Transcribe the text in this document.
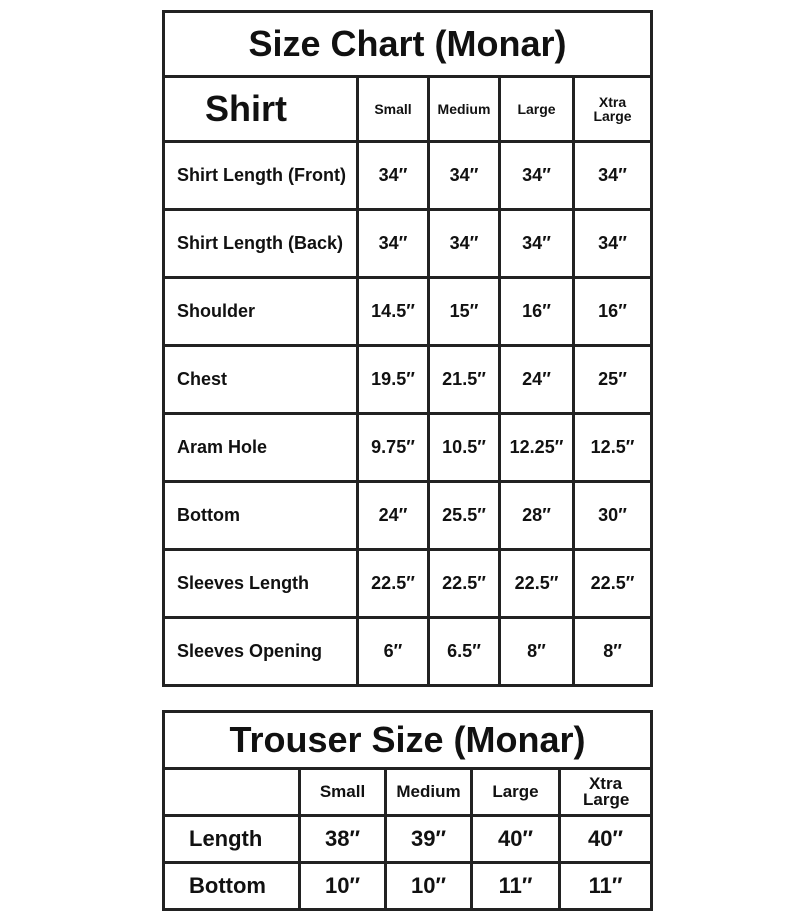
Size Chart (Monar)				
Shirt	Small	Medium	Large	Xtra Large
Shirt Length (Front)	34″	34″	34″	34″
Shirt Length (Back)	34″	34″	34″	34″
Shoulder	14.5″	15″	16″	16″
Chest	19.5″	21.5″	24″	25″
Aram Hole	9.75″	10.5″	12.25″	12.5″
Bottom	24″	25.5″	28″	30″
Sleeves Length	22.5″	22.5″	22.5″	22.5″
Sleeves Opening	6″	6.5″	8″	8″
Trouser Size (Monar)				
	Small	Medium	Large	Xtra Large
Length	38″	39″	40″	40″
Bottom	10″	10″	11″	11″
